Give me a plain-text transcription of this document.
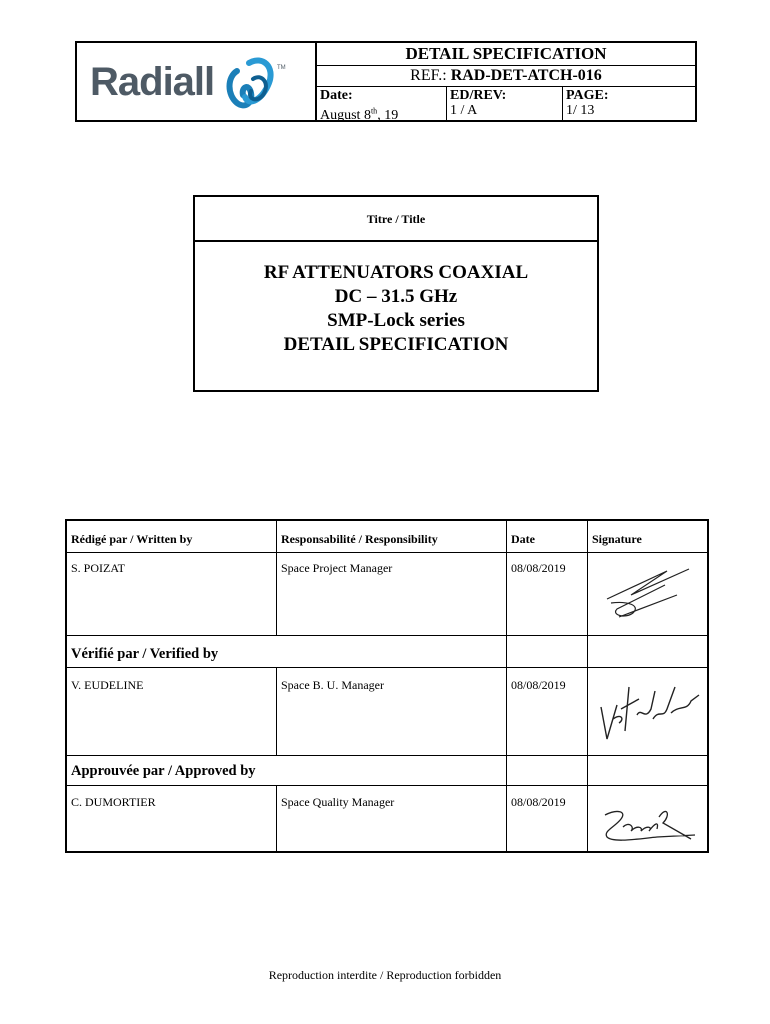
Radiall	TM
DETAIL SPECIFICATION
REF.: RAD-DET-ATCH-016
Date:
August 8th, 19
ED/REV:
1 / A
PAGE:
1/ 13
Titre / Title
RF ATTENUATORS COAXIAL
DC – 31.5 GHz
SMP-Lock series
DETAIL SPECIFICATION
Rédigé par / Written by	Responsabilité / Responsibility	Date	Signature
S. POIZAT	Space Project Manager	08/08/2019
Vérifié par / Verified by
V. EUDELINE	Space B. U. Manager	08/08/2019
Approuvée par / Approved by
C. DUMORTIER	Space Quality Manager	08/08/2019
Reproduction interdite / Reproduction forbidden
